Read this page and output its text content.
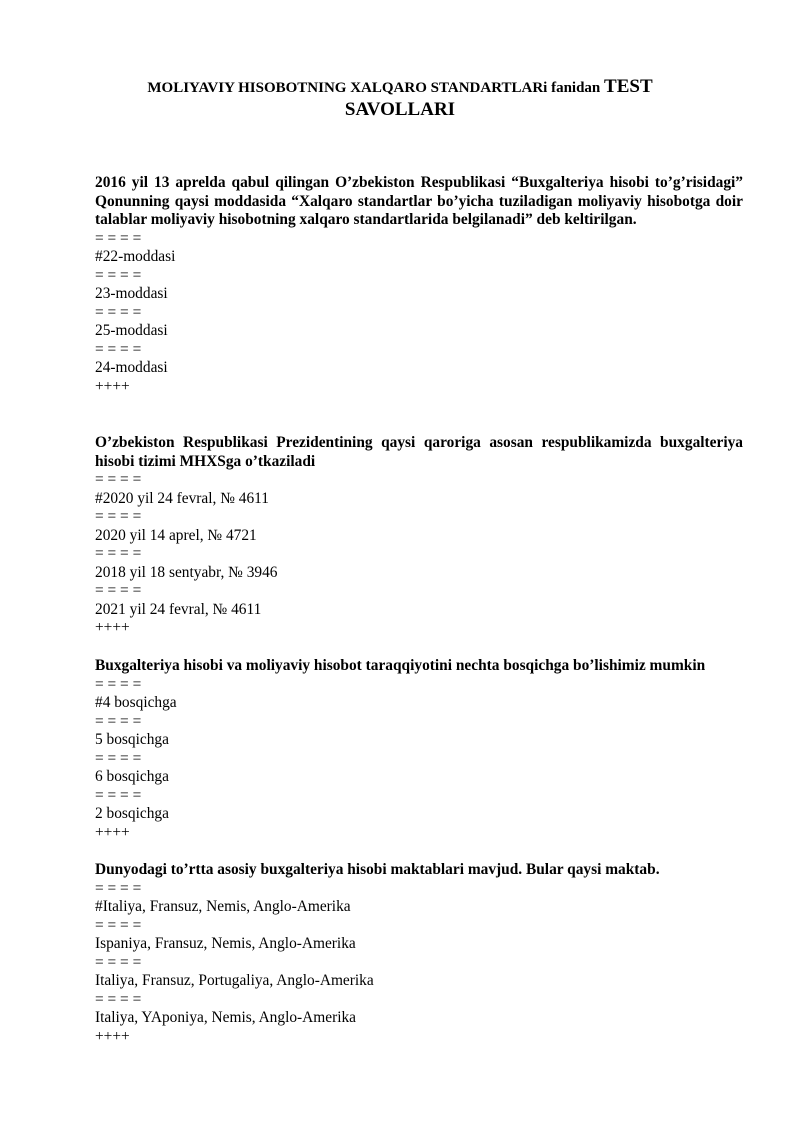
MOLIYAVIY HISOBOTNING XALQARO STANDARTLARi fanidan TEST
SAVOLLARI

2016 yil 13 aprelda qabul qilingan O’zbekiston Respublikasi “Buxgalteriya hisobi to’g’risidagi” Qonunning qaysi moddasida “Xalqaro standartlar bo’yicha tuziladigan moliyaviy hisobotga doir talablar moliyaviy hisobotning xalqaro standartlarida belgilanadi” deb keltirilgan.

= = = =

#22-moddasi

= = = =

23-moddasi

= = = =

25-moddasi

= = = =

24-moddasi

++++

O’zbekiston Respublikasi Prezidentining qaysi qaroriga asosan respublikamizda buxgalteriya hisobi tizimi MHXSga o’tkaziladi

= = = =

#2020 yil 24 fevral, № 4611

= = = =

2020 yil 14 aprel, № 4721

= = = =

2018 yil 18 sentyabr, № 3946

= = = =

2021 yil 24 fevral, № 4611

++++

Buxgalteriya hisobi va moliyaviy hisobot taraqqiyotini nechta bosqichga bo’lishimiz mumkin

= = = =

#4 bosqichga

= = = =

5 bosqichga

= = = =

6 bosqichga

= = = =

2 bosqichga

++++

Dunyodagi to’rtta asosiy buxgalteriya hisobi maktablari mavjud. Bular qaysi maktab.

= = = =

#Italiya, Fransuz, Nemis, Anglo-Amerika

= = = =

Ispaniya, Fransuz, Nemis, Anglo-Amerika

= = = =

Italiya, Fransuz, Portugaliya, Anglo-Amerika

= = = =

Italiya, YAponiya, Nemis, Anglo-Amerika

++++
